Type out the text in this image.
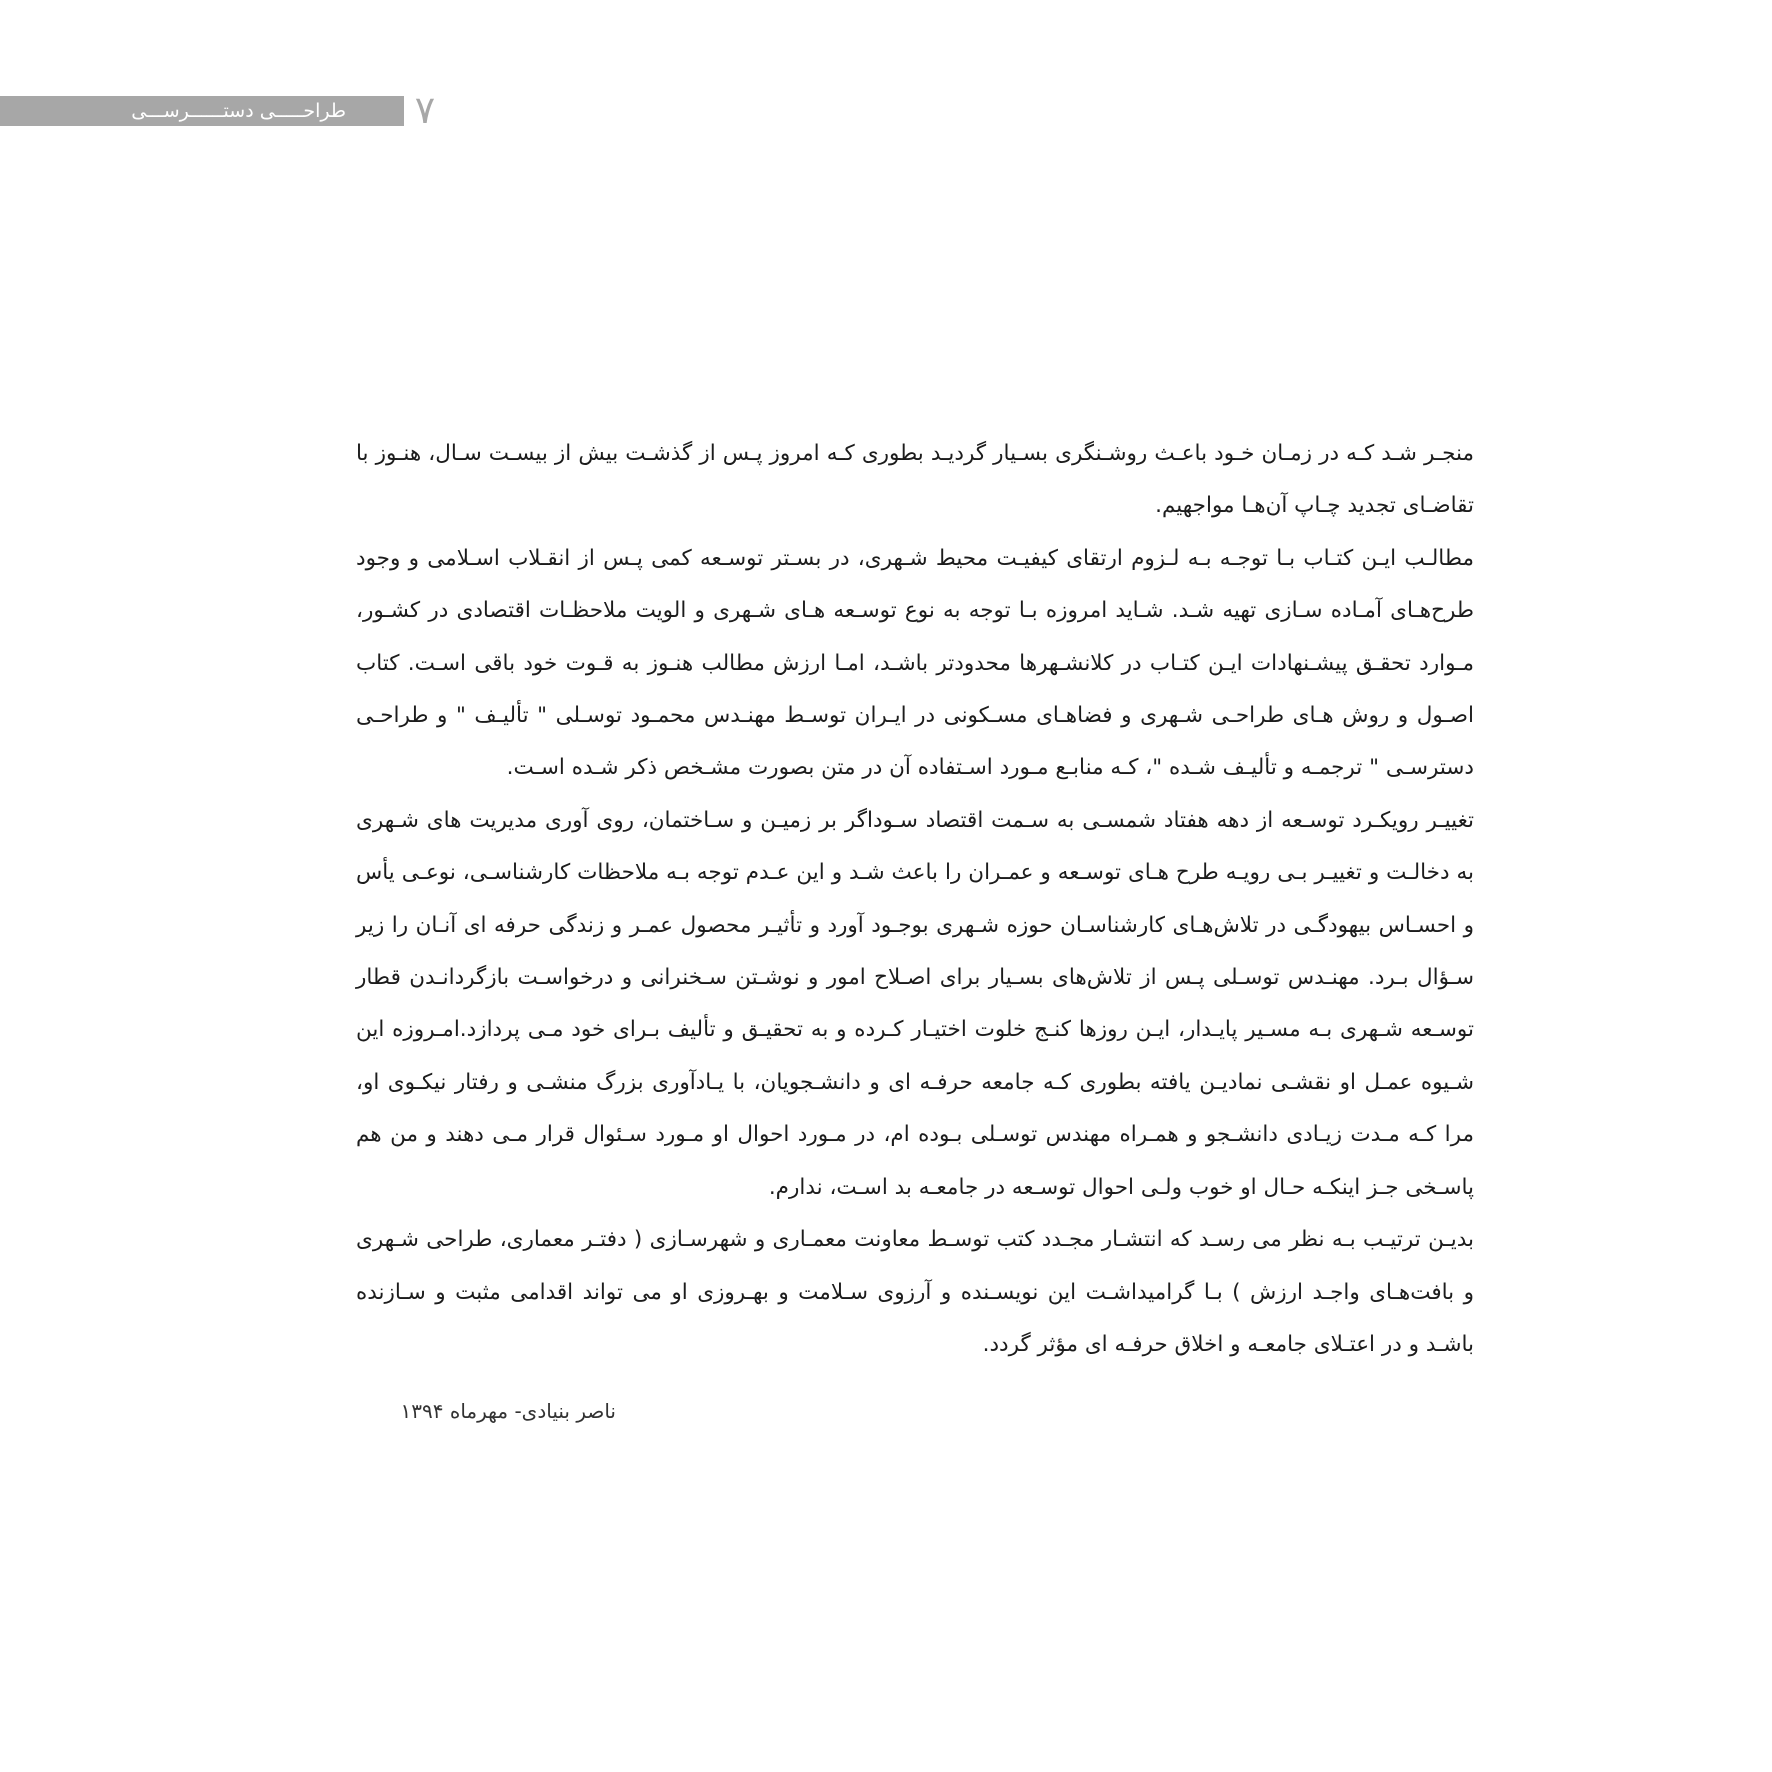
طراحـــــی دستــــــرســـی ۷

منجـر شـد کـه در زمـان خـود باعـث روشـنگری بسـیار گردیـد بطوری کـه امروز پـس از گذشـت بیش از بیسـت سـال، هنـوز با تقاضـای تجدید چـاپ آن‌هـا مواجهیم.

مطالـب ایـن کتـاب بـا توجـه بـه لـزوم ارتقای کیفیـت محیط شـهری، در بسـتر توسـعه کمی پـس از انقـلاب اسـلامی و وجود طرح‌هـای آمـاده سـازی تهیه شـد. شـاید امروزه بـا توجه به نوع توسـعه هـای شـهری و الویت ملاحظـات اقتصادی در کشـور، مـوارد تحقـق پیشـنهادات ایـن کتـاب در کلانشـهرها محدودتر باشـد، امـا ارزش مطالب هنـوز به قـوت خود باقی اسـت. کتاب اصـول و روش هـای طراحـی شـهری و فضاهـای مسـکونی در ایـران توسـط مهنـدس محمـود توسـلی " تألیـف " و طراحـی دسترسـی " ترجمـه و تألیـف شـده "، کـه منابـع مـورد اسـتفاده آن در متن بصورت مشـخص ذکر شـده اسـت.

تغییـر رویکـرد توسـعه از دهه هفتاد شمسـی به سـمت اقتصاد سـوداگر بر زمیـن و سـاختمان، روی آوری مدیریت های شـهری به دخالـت و تغییـر بـی رویـه طرح هـای توسـعه و عمـران را باعث شـد و این عـدم توجه بـه ملاحظات کارشناسـی، نوعـی یأس و احسـاس بیهودگـی در تلاش‌هـای کارشناسـان حوزه شـهری بوجـود آورد و تأثیـر محصول عمـر و زندگی حرفه ای آنـان را زیر سـؤال بـرد. مهنـدس توسـلی پـس از تلاش‌های بسـیار برای اصـلاح امور و نوشـتن سـخنرانی و درخواسـت بازگردانـدن قطار توسـعه شـهری بـه مسـیر پایـدار، ایـن روزها کنـج خلوت اختیـار کـرده و به تحقیـق و تألیف بـرای خود مـی پردازد.امـروزه این شـیوه عمـل او نقشـی نمادیـن یافته بطوری کـه جامعه حرفـه ای و دانشـجویان، با یـادآوری بزرگ منشـی و رفتار نیکـوی او، مرا کـه مـدت زیـادی دانشـجو و همـراه مهندس توسـلی بـوده ام، در مـورد احوال او مـورد سـئوال قرار مـی دهند و من هم پاسـخی جـز اینکـه حـال او خوب ولـی احوال توسـعه در جامعـه بد اسـت، ندارم.

بدیـن ترتیـب بـه نظر می رسـد که انتشـار مجـدد کتب توسـط معاونت معمـاری و شهرسـازی ( دفتـر معماری، طراحی شـهری و بافت‌هـای واجـد ارزش ) بـا گرامیداشـت این نویسـنده و آرزوی سـلامت و بهـروزی او می تواند اقدامی مثبت و سـازنده باشـد و در اعتـلای جامعـه و اخلاق حرفـه ای مؤثر گردد.

ناصر بنیادی- مهرماه ۱۳۹۴
